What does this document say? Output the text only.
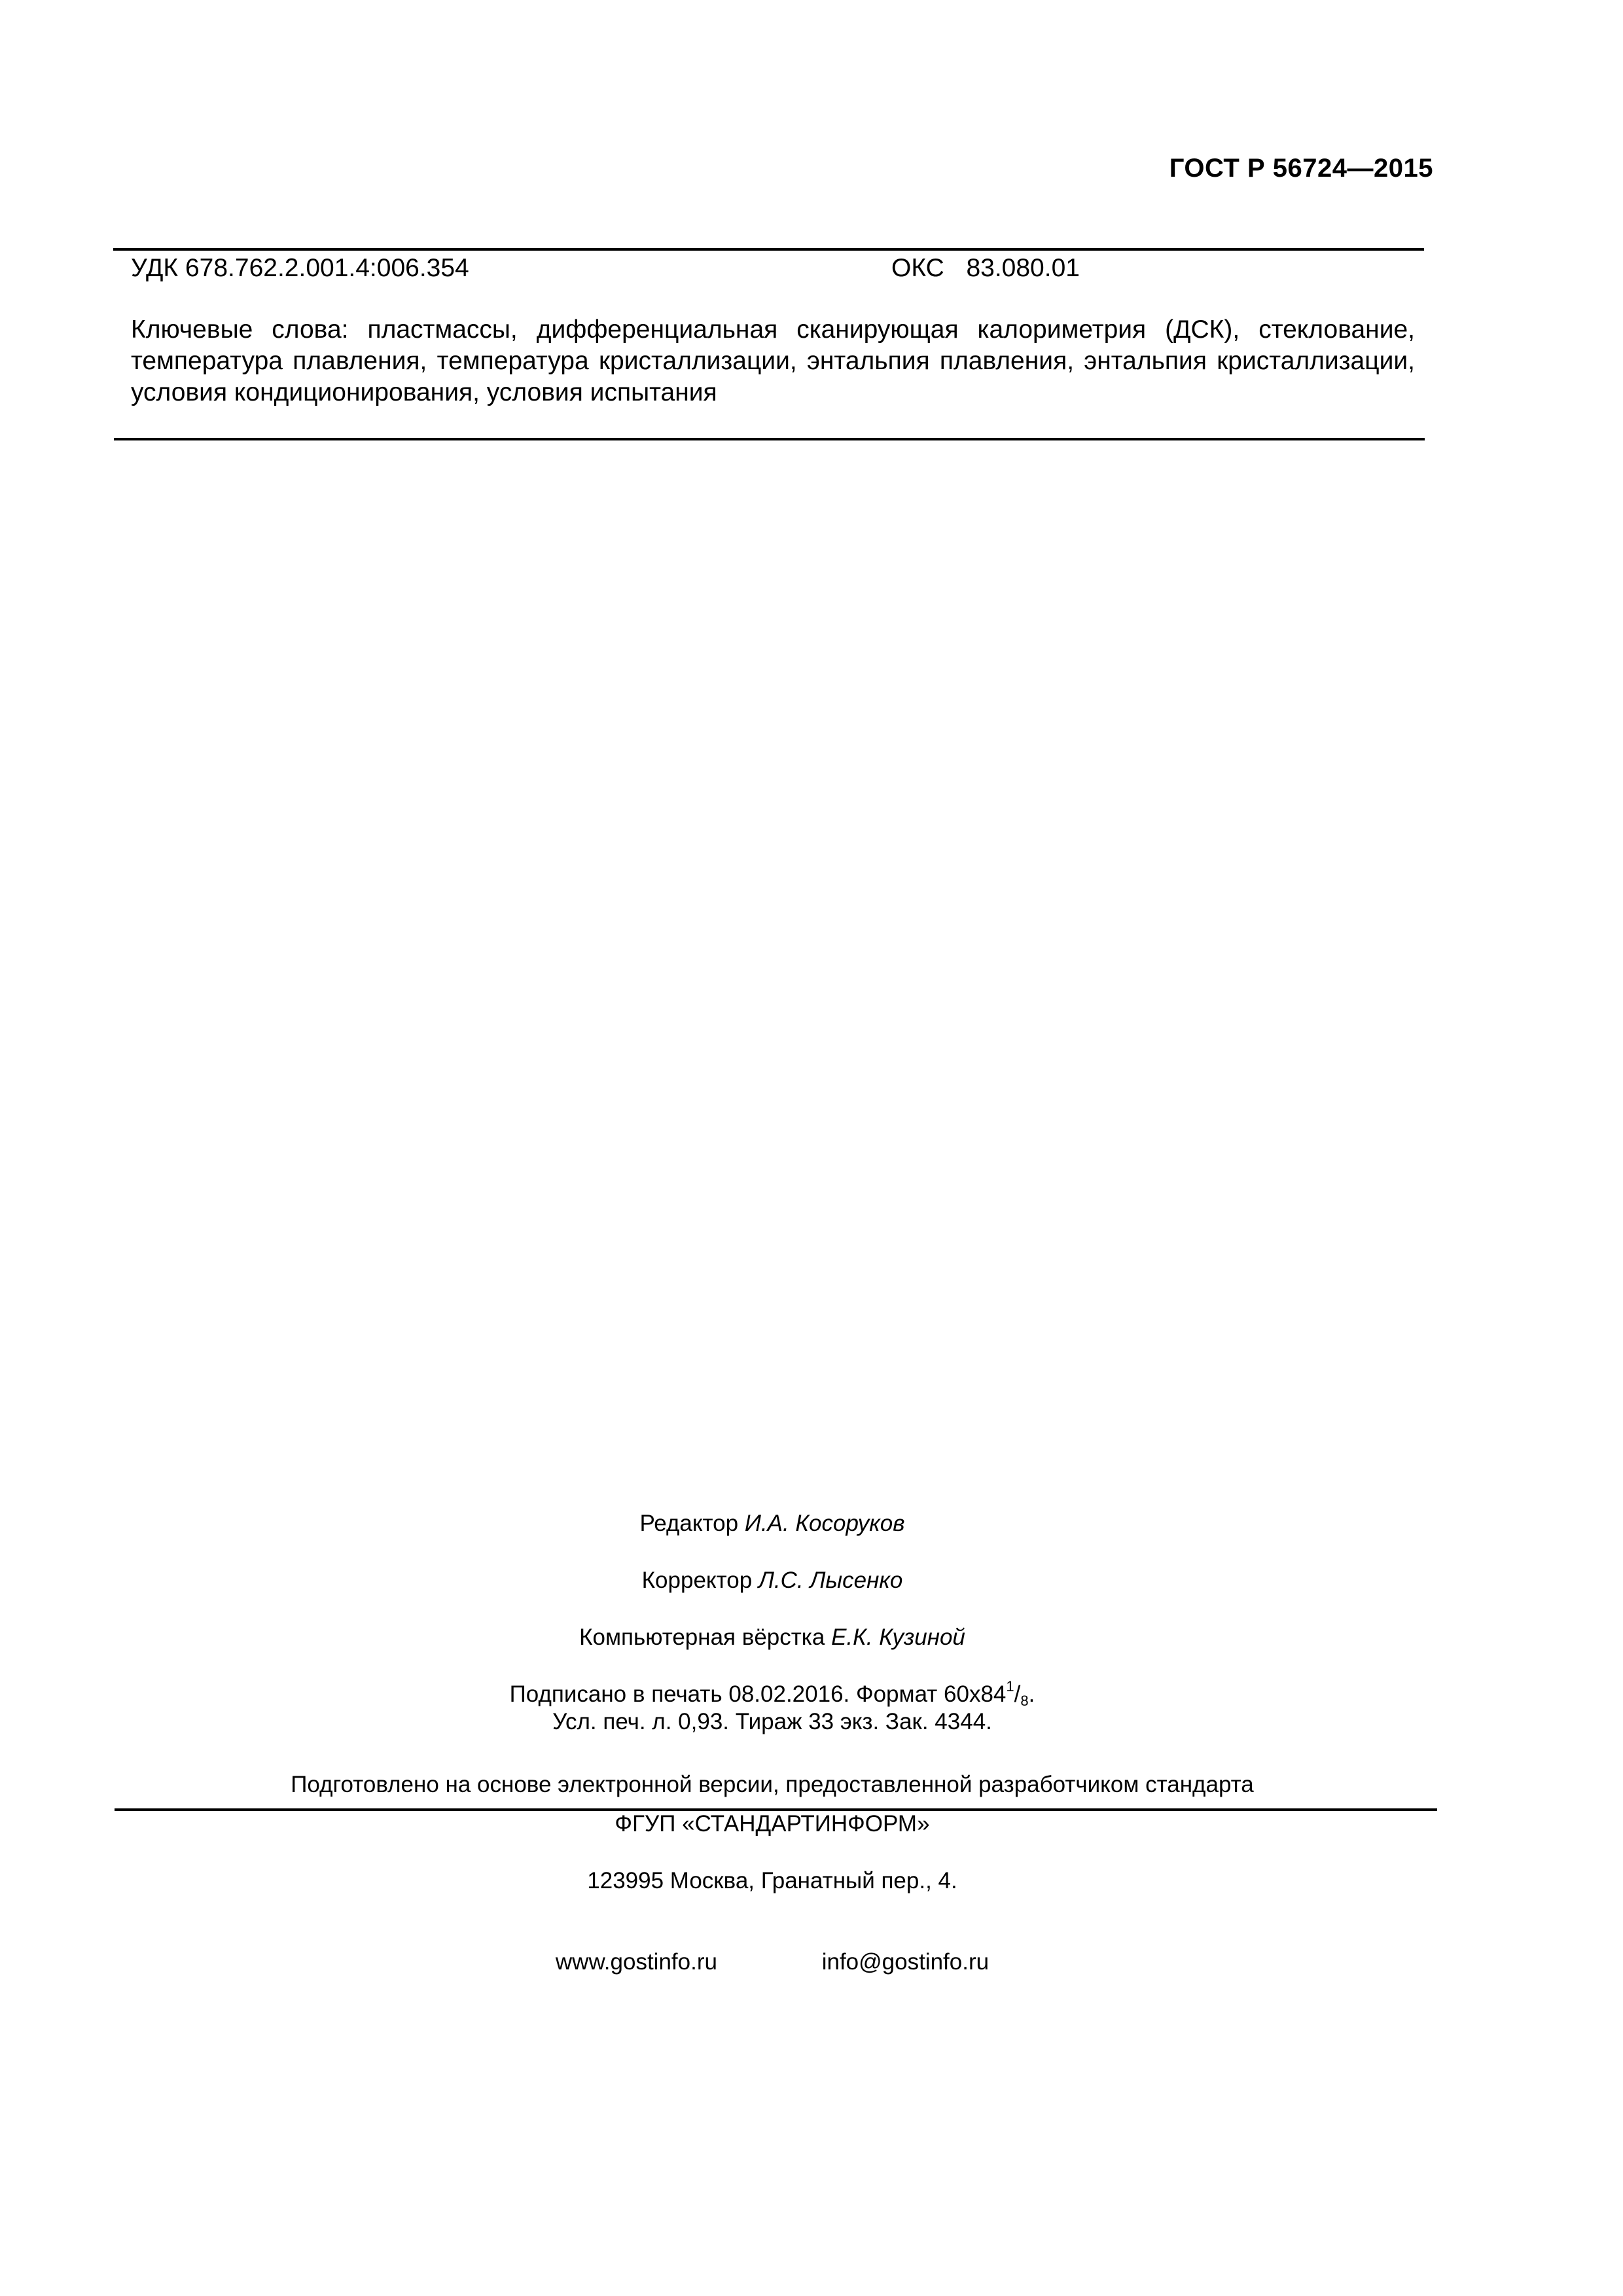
ГОСТ Р 56724—2015
УДК 678.762.2.001.4:006.354	ОКС  83.080.01
Ключевые слова: пластмассы, дифференциальная сканирующая калориметрия (ДСК), стеклование, температура плавления, температура кристаллизации, энтальпия плавления, энтальпия кристаллизации, условия кондиционирования, условия испытания
Редактор И.А. Косоруков
Корректор Л.С. Лысенко
Компьютерная вёрстка Е.К. Кузиной
Подписано в печать 08.02.2016. Формат $60x84^1/_8$.
Усл. печ. л. 0,93. Тираж 33 экз. Зак. 4344.
Подготовлено на основе электронной версии, предоставленной разработчиком стандарта
ФГУП «СТАНДАРТИНФОРМ»
123995 Москва, Гранатный пер., 4.
www.gostinfo.ru	info@gostinfo.ru
